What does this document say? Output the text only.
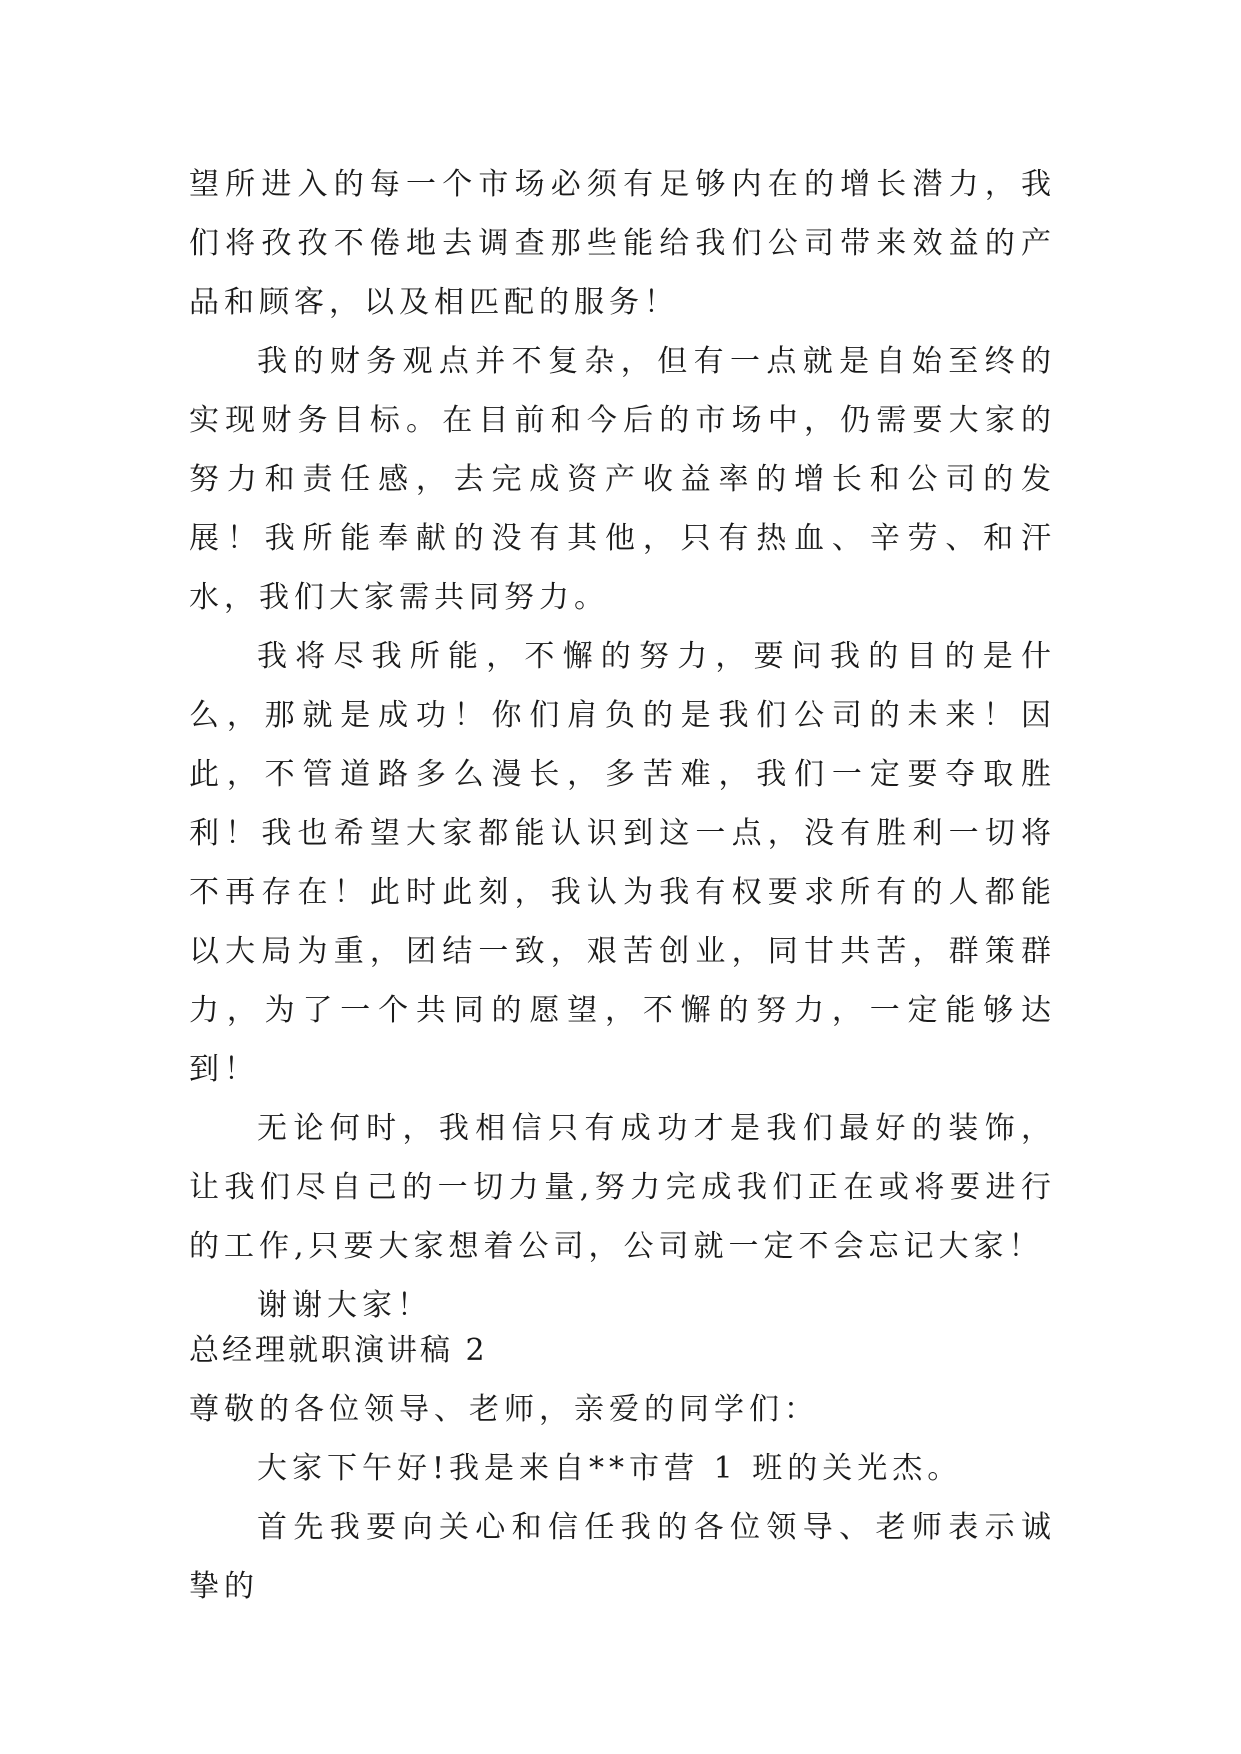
望所进入的每一个市场必须有足够内在的增长潜力，我们将孜孜不倦地去调查那些能给我们公司带来效益的产品和顾客，以及相匹配的服务！

我的财务观点并不复杂，但有一点就是自始至终的实现财务目标。在目前和今后的市场中，仍需要大家的努力和责任感，去完成资产收益率的增长和公司的发展！我所能奉献的没有其他，只有热血、辛劳、和汗水，我们大家需共同努力。

我将尽我所能，不懈的努力，要问我的目的是什么，那就是成功！你们肩负的是我们公司的未来！因此，不管道路多么漫长，多苦难，我们一定要夺取胜利！我也希望大家都能认识到这一点，没有胜利一切将不再存在！此时此刻，我认为我有权要求所有的人都能以大局为重，团结一致，艰苦创业，同甘共苦，群策群力，为了一个共同的愿望，不懈的努力，一定能够达到！

无论何时，我相信只有成功才是我们最好的装饰，让我们尽自己的一切力量,努力完成我们正在或将要进行的工作,只要大家想着公司，公司就一定不会忘记大家！

谢谢大家！

总经理就职演讲稿 2

尊敬的各位领导、老师，亲爱的同学们：

大家下午好!我是来自**市营 1 班的关光杰。

首先我要向关心和信任我的各位领导、老师表示诚挚的
